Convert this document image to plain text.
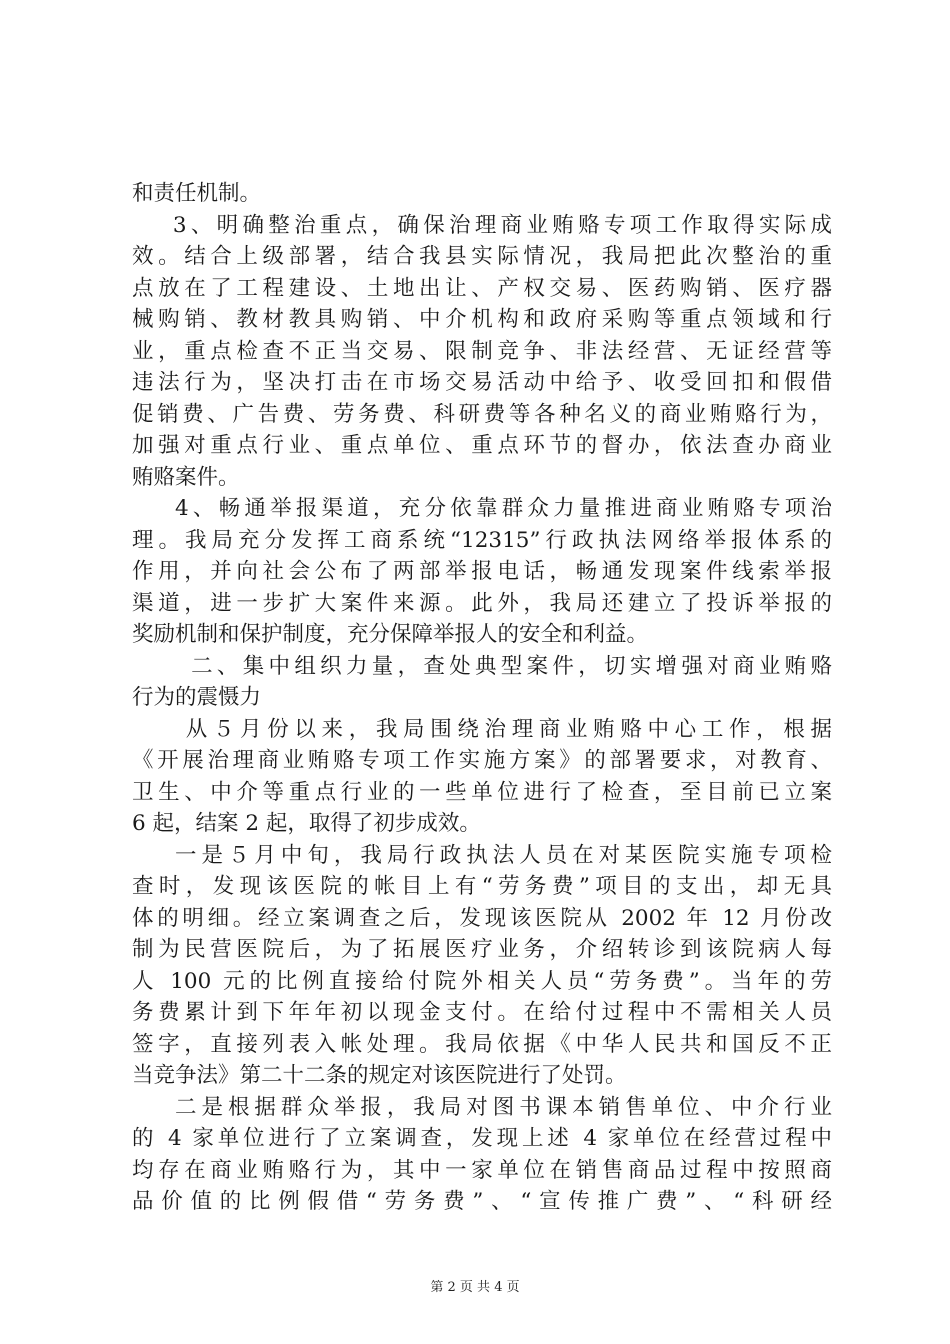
和责任机制。
3、明确整治重点，确保治理商业贿赂专项工作取得实际成
效。结合上级部署，结合我县实际情况，我局把此次整治的重
点放在了工程建设、土地出让、产权交易、医药购销、医疗器
械购销、教材教具购销、中介机构和政府采购等重点领域和行
业，重点检查不正当交易、限制竞争、非法经营、无证经营等
违法行为，坚决打击在市场交易活动中给予、收受回扣和假借
促销费、广告费、劳务费、科研费等各种名义的商业贿赂行为，
加强对重点行业、重点单位、重点环节的督办，依法查办商业
贿赂案件。
4、畅通举报渠道，充分依靠群众力量推进商业贿赂专项治
理。我局充分发挥工商系统“12315”行政执法网络举报体系的
作用，并向社会公布了两部举报电话，畅通发现案件线索举报
渠道，进一步扩大案件来源。此外，我局还建立了投诉举报的
奖励机制和保护制度，充分保障举报人的安全和利益。
二、集中组织力量，查处典型案件，切实增强对商业贿赂
行为的震慑力
从５月份以来，我局围绕治理商业贿赂中心工作，根据
《开展治理商业贿赂专项工作实施方案》的部署要求，对教育、
卫生、中介等重点行业的一些单位进行了检查，至目前已立案
6 起，结案 2 起，取得了初步成效。
一是５月中旬，我局行政执法人员在对某医院实施专项检
查时，发现该医院的帐目上有“劳务费”项目的支出，却无具
体的明细。经立案调查之后，发现该医院从 2002 年 12 月份改
制为民营医院后，为了拓展医疗业务，介绍转诊到该院病人每
人 100 元的比例直接给付院外相关人员“劳务费”。当年的劳
务费累计到下年年初以现金支付。在给付过程中不需相关人员
签字，直接列表入帐处理。我局依据《中华人民共和国反不正
当竞争法》第二十二条的规定对该医院进行了处罚。
二是根据群众举报，我局对图书课本销售单位、中介行业
的 4 家单位进行了立案调查，发现上述 4 家单位在经营过程中
均存在商业贿赂行为，其中一家单位在销售商品过程中按照商
品价值的比例假借“劳务费”、“宣传推广费”、“科研经
第 2 页 共 4 页
